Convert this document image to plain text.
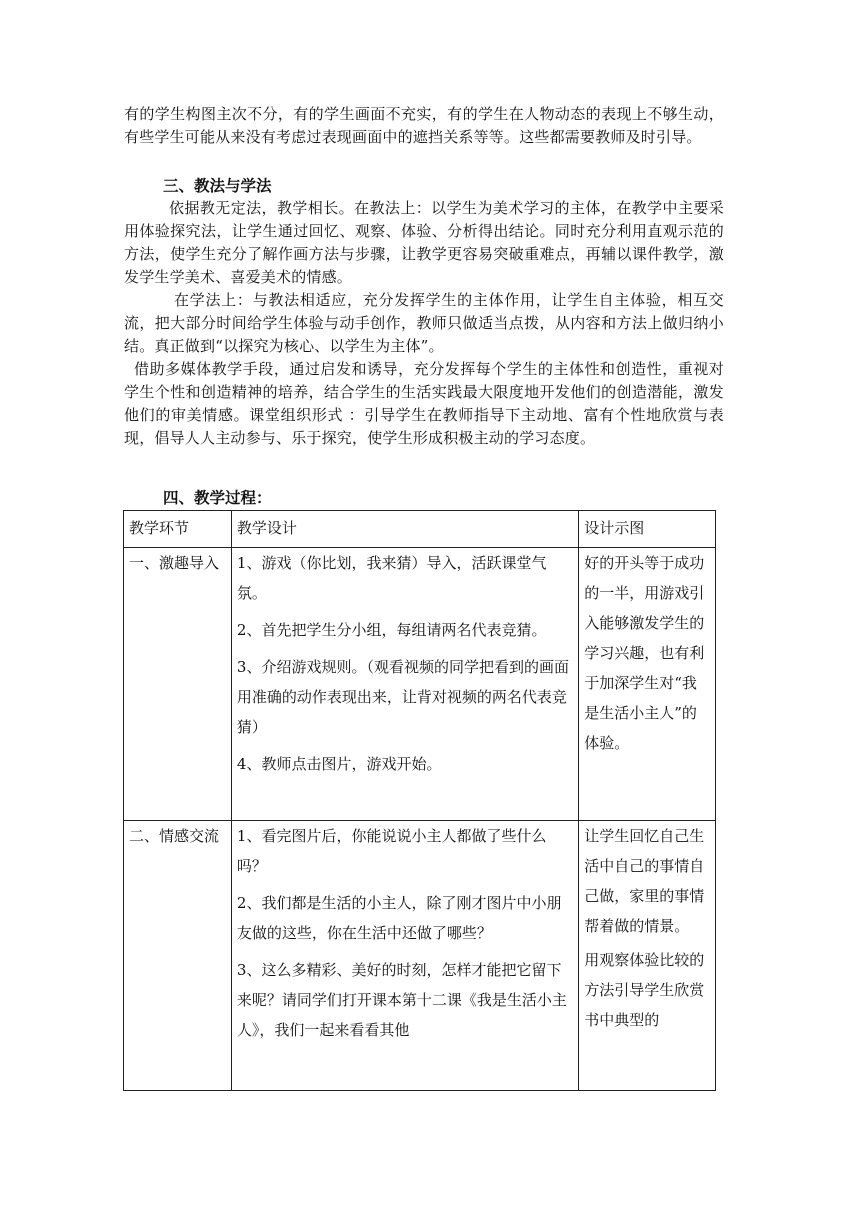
有的学生构图主次不分，有的学生画面不充实，有的学生在人物动态的表现上不够生动，有些学生可能从来没有考虑过表现画面中的遮挡关系等等。这些都需要教师及时引导。

三、教法与学法

依据教无定法，教学相长。在教法上：以学生为美术学习的主体，在教学中主要采用体验探究法，让学生通过回忆、观察、体验、分析得出结论。同时充分利用直观示范的方法，使学生充分了解作画方法与步骤，让教学更容易突破重难点，再辅以课件教学，激发学生学美术、喜爱美术的情感。

在学法上：与教法相适应，充分发挥学生的主体作用，让学生自主体验，相互交流，把大部分时间给学生体验与动手创作，教师只做适当点拨，从内容和方法上做归纳小结。真正做到“以探究为核心、以学生为主体”。

借助多媒体教学手段，通过启发和诱导，充分发挥每个学生的主体性和创造性，重视对学生个性和创造精神的培养，结合学生的生活实践最大限度地开发他们的创造潜能，激发他们的审美情感。课堂组织形式 ：引导学生在教师指导下主动地、富有个性地欣赏与表现，倡导人人主动参与、乐于探究，使学生形成积极主动的学习态度。

四、教学过程：

教学环节	教学设计	设计示图
一、激趣导入	1、游戏（你比划，我来猜）导入，活跃课堂气氛。
2、首先把学生分小组，每组请两名代表竞猜。
3、介绍游戏规则。（观看视频的同学把看到的画面用准确的动作表现出来，让背对视频的两名代表竞猜）
4、教师点击图片，游戏开始。	好的开头等于成功的一半，用游戏引入能够激发学生的学习兴趣，也有利于加深学生对“我是生活小主人”的体验。

二、情感交流	1、看完图片后，你能说说小主人都做了些什么吗？
2、我们都是生活的小主人，除了刚才图片中小朋友做的这些，你在生活中还做了哪些？
3、这么多精彩、美好的时刻，怎样才能把它留下来呢？请同学们打开课本第十二课《我是生活小主人》，我们一起来看看其他	让学生回忆自己生活中自己的事情自己做，家里的事情帮着做的情景。
用观察体验比较的方法引导学生欣赏书中典型的
